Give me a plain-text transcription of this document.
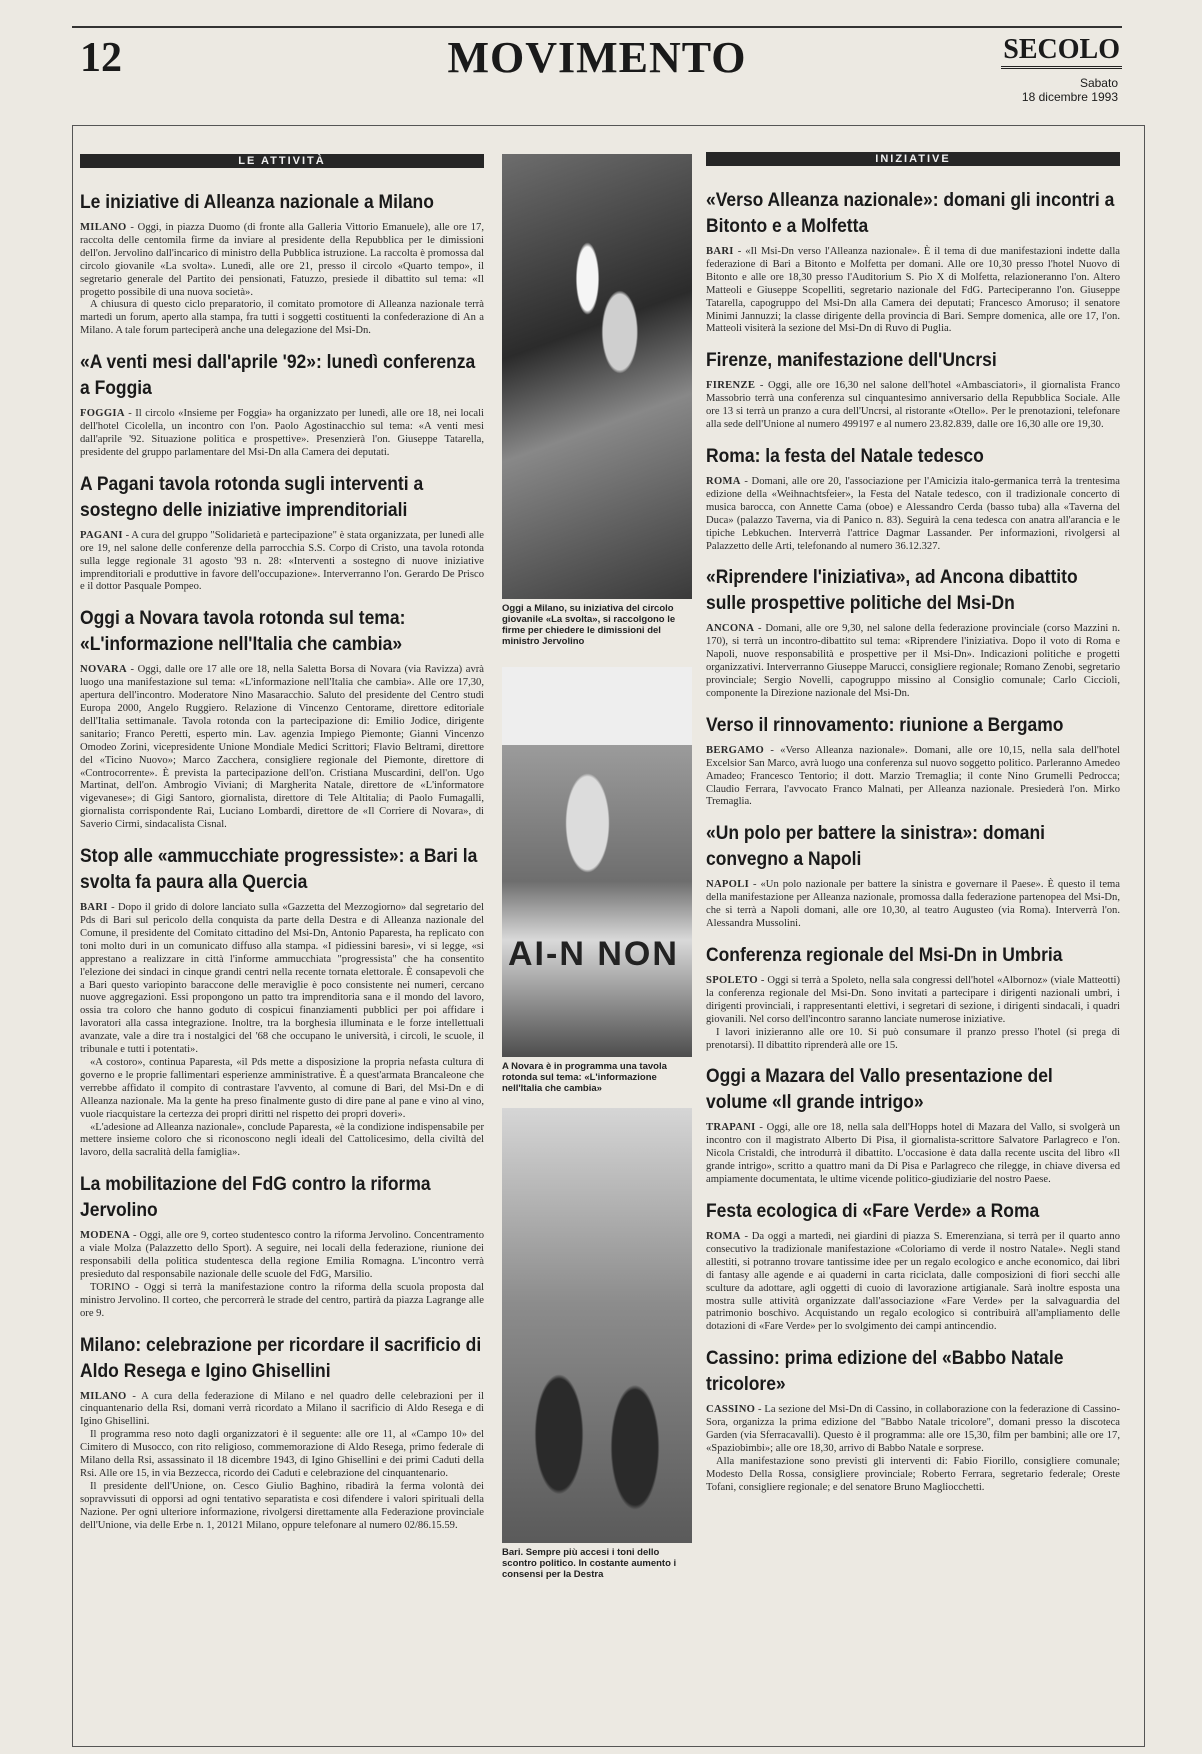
12	MOVIMENTO	SECOLO
Sabato
18 dicembre 1993
LE ATTIVITÀ
Le iniziative di Alleanza nazionale a Milano

MILANO - Oggi, in piazza Duomo (di fronte alla Galleria Vittorio Emanuele), alle ore 17, raccolta delle centomila firme da inviare al presidente della Repubblica per le dimissioni dell'on. Jervolino dall'incarico di ministro della Pubblica istruzione. La raccolta è promossa dal circolo giovanile «La svolta». Lunedì, alle ore 21, presso il circolo «Quarto tempo», il segretario generale del Partito dei pensionati, Fatuzzo, presiede il dibattito sul tema: «Il progetto possibile di una nuova società».

A chiusura di questo ciclo preparatorio, il comitato promotore di Alleanza nazionale terrà martedì un forum, aperto alla stampa, fra tutti i soggetti costituenti la confederazione di An a Milano. A tale forum parteciperà anche una delegazione del Msi-Dn.

«A venti mesi dall'aprile '92»: lunedì conferenza a Foggia

FOGGIA - Il circolo «Insieme per Foggia» ha organizzato per lunedì, alle ore 18, nei locali dell'hotel Cicolella, un incontro con l'on. Paolo Agostinacchio sul tema: «A venti mesi dall'aprile '92. Situazione politica e prospettive». Presenzierà l'on. Giuseppe Tatarella, presidente del gruppo parlamentare del Msi-Dn alla Camera dei deputati.

A Pagani tavola rotonda sugli interventi a sostegno delle iniziative imprenditoriali

PAGANI - A cura del gruppo "Solidarietà e partecipazione" è stata organizzata, per lunedì alle ore 19, nel salone delle conferenze della parrocchia S.S. Corpo di Cristo, una tavola rotonda sulla legge regionale 31 agosto '93 n. 28: «Interventi a sostegno di nuove iniziative imprenditoriali e produttive in favore dell'occupazione». Interverranno l'on. Gerardo De Prisco e il dottor Pasquale Pompeo.

Oggi a Novara tavola rotonda sul tema: «L'informazione nell'Italia che cambia»

NOVARA - Oggi, dalle ore 17 alle ore 18, nella Saletta Borsa di Novara (via Ravizza) avrà luogo una manifestazione sul tema: «L'informazione nell'Italia che cambia». Alle ore 17,30, apertura dell'incontro. Moderatore Nino Masaracchio. Saluto del presidente del Centro studi Europa 2000, Angelo Ruggiero. Relazione di Vincenzo Centorame, direttore editoriale dell'Italia settimanale. Tavola rotonda con la partecipazione di: Emilio Jodice, dirigente sanitario; Franco Peretti, esperto min. Lav. agenzia Impiego Piemonte; Gianni Vincenzo Omodeo Zorini, vicepresidente Unione Mondiale Medici Scrittori; Flavio Beltrami, direttore del «Ticino Nuovo»; Marco Zacchera, consigliere regionale del Piemonte, direttore di «Controcorrente». È prevista la partecipazione dell'on. Cristiana Muscardini, dell'on. Ugo Martinat, dell'on. Ambrogio Viviani; di Margherita Natale, direttore de «L'informatore vigevanese»; di Gigi Santoro, giornalista, direttore di Tele Altitalia; di Paolo Fumagalli, giornalista corrispondente Rai, Luciano Lombardi, direttore de «Il Corriere di Novara», di Saverio Cirmi, sindacalista Cisnal.

Stop alle «ammucchiate progressiste»: a Bari la svolta fa paura alla Quercia

BARI - Dopo il grido di dolore lanciato sulla «Gazzetta del Mezzogiorno» dal segretario del Pds di Bari sul pericolo della conquista da parte della Destra e di Alleanza nazionale del Comune, il presidente del Comitato cittadino del Msi-Dn, Antonio Paparesta, ha replicato con toni molto duri in un comunicato diffuso alla stampa. «I pidiessini baresi», vi si legge, «si apprestano a realizzare in città l'informe ammucchiata "progressista" che ha consentito l'elezione dei sindaci in cinque grandi centri nella recente tornata elettorale. È consapevoli che a Bari questo variopinto baraccone delle meraviglie è poco consistente nei numeri, cercano nuove aggregazioni. Essi propongono un patto tra imprenditoria sana e il mondo del lavoro, ossia tra coloro che hanno goduto di cospicui finanziamenti pubblici per poi affidare i lavoratori alla cassa integrazione. Inoltre, tra la borghesia illuminata e le forze intellettuali avanzate, vale a dire tra i nostalgici del '68 che occupano le università, i circoli, le scuole, il tribunale e tutti i potentati».

«A costoro», continua Paparesta, «il Pds mette a disposizione la propria nefasta cultura di governo e le proprie fallimentari esperienze amministrative. È a quest'armata Brancaleone che verrebbe affidato il compito di contrastare l'avvento, al comune di Bari, del Msi-Dn e di Alleanza nazionale. Ma la gente ha preso finalmente gusto di dire pane al pane e vino al vino, vuole riacquistare la certezza dei propri diritti nel rispetto dei propri doveri».

«L'adesione ad Alleanza nazionale», conclude Paparesta, «è la condizione indispensabile per mettere insieme coloro che si riconoscono negli ideali del Cattolicesimo, della civiltà del lavoro, della sacralità della famiglia».

La mobilitazione del FdG contro la riforma Jervolino

MODENA - Oggi, alle ore 9, corteo studentesco contro la riforma Jervolino. Concentramento a viale Molza (Palazzetto dello Sport). A seguire, nei locali della federazione, riunione dei responsabili della politica studentesca della regione Emilia Romagna. L'incontro verrà presieduto dal responsabile nazionale delle scuole del FdG, Marsilio.

TORINO - Oggi si terrà la manifestazione contro la riforma della scuola proposta dal ministro Jervolino. Il corteo, che percorrerà le strade del centro, partirà da piazza Lagrange alle ore 9.

Milano: celebrazione per ricordare il sacrificio di Aldo Resega e Igino Ghisellini

MILANO - A cura della federazione di Milano e nel quadro delle celebrazioni per il cinquantenario della Rsi, domani verrà ricordato a Milano il sacrificio di Aldo Resega e di Igino Ghisellini.

Il programma reso noto dagli organizzatori è il seguente: alle ore 11, al «Campo 10» del Cimitero di Musocco, con rito religioso, commemorazione di Aldo Resega, primo federale di Milano della Rsi, assassinato il 18 dicembre 1943, di Igino Ghisellini e dei primi Caduti della Rsi. Alle ore 15, in via Bezzecca, ricordo dei Caduti e celebrazione del cinquantenario.

Il presidente dell'Unione, on. Cesco Giulio Baghino, ribadirà la ferma volontà dei sopravvissuti di opporsi ad ogni tentativo separatista e così difendere i valori spirituali della Nazione. Per ogni ulteriore informazione, rivolgersi direttamente alla Federazione provinciale dell'Unione, via delle Erbe n. 1, 20121 Milano, oppure telefonare al numero 02/86.15.59.

Oggi a Milano, su iniziativa del circolo giovanile «La svolta», si raccolgono le firme per chiedere le dimissioni del ministro Jervolino

AI-N NON

A Novara è in programma una tavola rotonda sul tema: «L'informazione nell'Italia che cambia»

Bari. Sempre più accesi i toni dello scontro politico. In costante aumento i consensi per la Destra

INIZIATIVE
«Verso Alleanza nazionale»: domani gli incontri a Bitonto e a Molfetta

BARI - «Il Msi-Dn verso l'Alleanza nazionale». È il tema di due manifestazioni indette dalla federazione di Bari a Bitonto e Molfetta per domani. Alle ore 10,30 presso l'hotel Nuovo di Bitonto e alle ore 18,30 presso l'Auditorium S. Pio X di Molfetta, relazioneranno l'on. Altero Matteoli e Giuseppe Scopelliti, segretario nazionale del FdG. Parteciperanno l'on. Giuseppe Tatarella, capogruppo del Msi-Dn alla Camera dei deputati; Francesco Amoruso; il senatore Minimi Jannuzzi; la classe dirigente della provincia di Bari. Sempre domenica, alle ore 17, l'on. Matteoli visiterà la sezione del Msi-Dn di Ruvo di Puglia.

Firenze, manifestazione dell'Uncrsi

FIRENZE - Oggi, alle ore 16,30 nel salone dell'hotel «Ambasciatori», il giornalista Franco Massobrio terrà una conferenza sul cinquantesimo anniversario della Repubblica Sociale. Alle ore 13 si terrà un pranzo a cura dell'Uncrsi, al ristorante «Otello». Per le prenotazioni, telefonare alla sede dell'Unione al numero 499197 e al numero 23.82.839, dalle ore 16,30 alle ore 19,30.

Roma: la festa del Natale tedesco

ROMA - Domani, alle ore 20, l'associazione per l'Amicizia italo-germanica terrà la trentesima edizione della «Weihnachtsfeier», la Festa del Natale tedesco, con il tradizionale concerto di musica barocca, con Annette Cama (oboe) e Alessandro Cerda (basso tuba) alla «Taverna del Duca» (palazzo Taverna, via di Panico n. 83). Seguirà la cena tedesca con anatra all'arancia e le tipiche Lebkuchen. Interverrà l'attrice Dagmar Lassander. Per informazioni, rivolgersi al Palazzetto delle Arti, telefonando al numero 36.12.327.

«Riprendere l'iniziativa», ad Ancona dibattito sulle prospettive politiche del Msi-Dn

ANCONA - Domani, alle ore 9,30, nel salone della federazione provinciale (corso Mazzini n. 170), si terrà un incontro-dibattito sul tema: «Riprendere l'iniziativa. Dopo il voto di Roma e Napoli, nuove responsabilità e prospettive per il Msi-Dn». Indicazioni politiche e progetti organizzativi. Interverranno Giuseppe Marucci, consigliere regionale; Romano Zenobi, segretario provinciale; Sergio Novelli, capogruppo missino al Consiglio comunale; Carlo Ciccioli, componente la Direzione nazionale del Msi-Dn.

Verso il rinnovamento: riunione a Bergamo

BERGAMO - «Verso Alleanza nazionale». Domani, alle ore 10,15, nella sala dell'hotel Excelsior San Marco, avrà luogo una conferenza sul nuovo soggetto politico. Parleranno Amedeo Amadeo; Francesco Tentorio; il dott. Marzio Tremaglia; il conte Nino Grumelli Pedrocca; Claudio Ferrara, l'avvocato Franco Malnati, per Alleanza nazionale. Presiederà l'on. Mirko Tremaglia.

«Un polo per battere la sinistra»: domani convegno a Napoli

NAPOLI - «Un polo nazionale per battere la sinistra e governare il Paese». È questo il tema della manifestazione per Alleanza nazionale, promossa dalla federazione partenopea del Msi-Dn, che si terrà a Napoli domani, alle ore 10,30, al teatro Augusteo (via Roma). Interverrà l'on. Alessandra Mussolini.

Conferenza regionale del Msi-Dn in Umbria

SPOLETO - Oggi si terrà a Spoleto, nella sala congressi dell'hotel «Albornoz» (viale Matteotti) la conferenza regionale del Msi-Dn. Sono invitati a partecipare i dirigenti nazionali umbri, i dirigenti provinciali, i rappresentanti elettivi, i segretari di sezione, i dirigenti sindacali, i quadri giovanili. Nel corso dell'incontro saranno lanciate numerose iniziative.

I lavori inizieranno alle ore 10. Si può consumare il pranzo presso l'hotel (si prega di prenotarsi). Il dibattito riprenderà alle ore 15.

Oggi a Mazara del Vallo presentazione del volume «Il grande intrigo»

TRAPANI - Oggi, alle ore 18, nella sala dell'Hopps hotel di Mazara del Vallo, si svolgerà un incontro con il magistrato Alberto Di Pisa, il giornalista-scrittore Salvatore Parlagreco e l'on. Nicola Cristaldi, che introdurrà il dibattito. L'occasione è data dalla recente uscita del libro «Il grande intrigo», scritto a quattro mani da Di Pisa e Parlagreco che rilegge, in chiave diversa ed ampiamente documentata, le ultime vicende politico-giudiziarie del nostro Paese.

Festa ecologica di «Fare Verde» a Roma

ROMA - Da oggi a martedì, nei giardini di piazza S. Emerenziana, si terrà per il quarto anno consecutivo la tradizionale manifestazione «Coloriamo di verde il nostro Natale». Negli stand allestiti, si potranno trovare tantissime idee per un regalo ecologico e anche economico, dai libri di fantasy alle agende e ai quaderni in carta riciclata, dalle composizioni di fiori secchi alle sculture da adottare, agli oggetti di cuoio di lavorazione artigianale. Sarà inoltre esposta una mostra sulle attività organizzate dall'associazione «Fare Verde» per la salvaguardia del patrimonio boschivo. Acquistando un regalo ecologico si contribuirà all'ampliamento delle dotazioni di «Fare Verde» per lo svolgimento dei campi antincendio.

Cassino: prima edizione del «Babbo Natale tricolore»

CASSINO - La sezione del Msi-Dn di Cassino, in collaborazione con la federazione di Cassino-Sora, organizza la prima edizione del "Babbo Natale tricolore", domani presso la discoteca Garden (via Sferracavalli). Questo è il programma: alle ore 15,30, film per bambini; alle ore 17, «Spaziobimbi»; alle ore 18,30, arrivo di Babbo Natale e sorprese.

Alla manifestazione sono previsti gli interventi di: Fabio Fiorillo, consigliere comunale; Modesto Della Rossa, consigliere provinciale; Roberto Ferrara, segretario federale; Oreste Tofani, consigliere regionale; e del senatore Bruno Magliocchetti.
